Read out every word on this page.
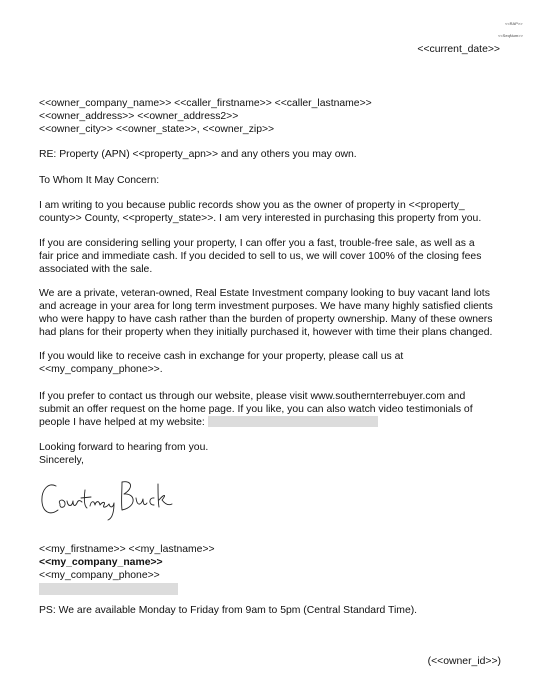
<<RAP>>
<<SeqNum>>
<<current_date>>
<<owner_company_name>> <<caller_firstname>> <<caller_lastname>>
<<owner_address>> <<owner_address2>>
<<owner_city>> <<owner_state>>, <<owner_zip>>

RE: Property (APN) <<property_apn>> and any others you may own.

To Whom It May Concern:

I am writing to you because public records show you as the owner of property in <<property_
county>> County, <<property_state>>. I am very interested in purchasing this property from you.

If you are considering selling your property, I can offer you a fast, trouble-free sale, as well as a
fair price and immediate cash. If you decided to sell to us, we will cover 100% of the closing fees
associated with the sale.

We are a private, veteran-owned, Real Estate Investment company looking to buy vacant land lots
and acreage in your area for long term investment purposes. We have many highly satisfied clients
who were happy to have cash rather than the burden of property ownership. Many of these owners
had plans for their property when they initially purchased it, however with time their plans changed.

If you would like to receive cash in exchange for your property, please call us at
<<my_company_phone>>.

If you prefer to contact us through our website, please visit www.southernterrebuyer.com and
submit an offer request on the home page. If you like, you can also watch video testimonials of
people I have helped at my website:

Looking forward to hearing from you.
Sincerely,

<<my_firstname>> <<my_lastname>>
<<my_company_name>>
<<my_company_phone>>

PS: We are available Monday to Friday from 9am to 5pm (Central Standard Time).

(<<owner_id>>)
